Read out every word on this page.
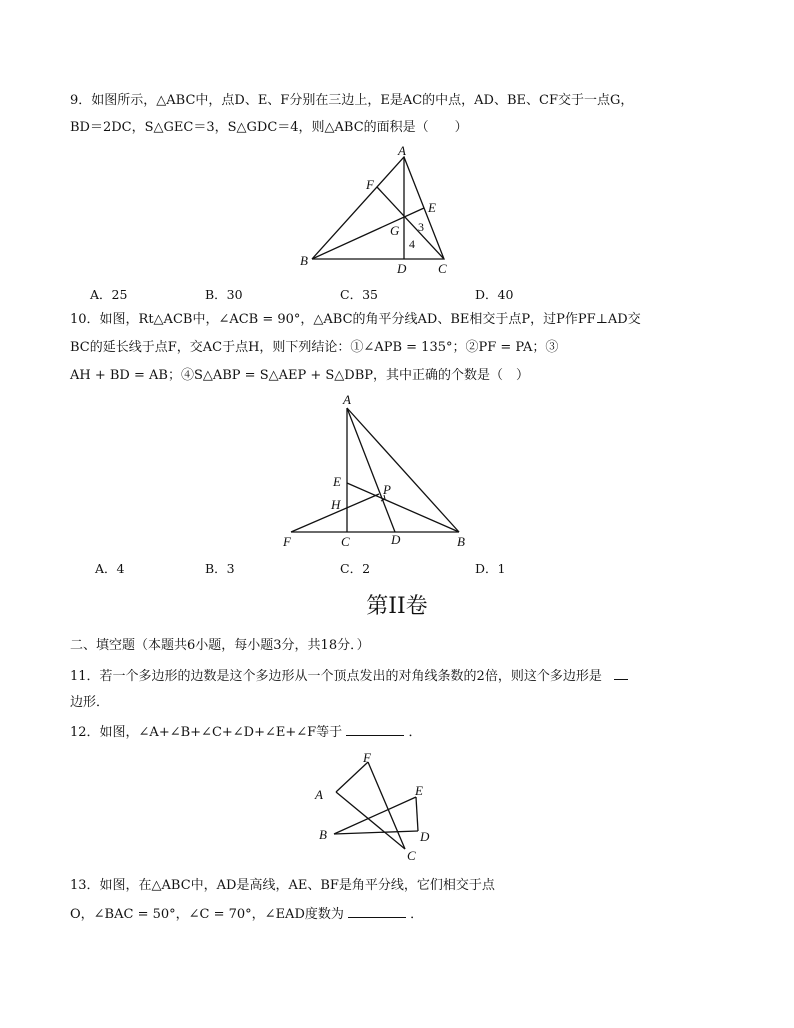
9．如图所示，△ABC中，点D、E、F分别在三边上，E是AC的中点，AD、BE、CF交于一点G，
BD＝2DC，S△GEC＝3，S△GDC＝4，则△ABC的面积是（　　）
A
F
E
G 3
4
B
D C
A．25	B．30	C．35	D．40
10．如图，Rt△ACB中，∠ACB = 90°，△ABC的角平分线AD、BE相交于点P，过P作PF⊥AD交
BC的延长线于点F，交AC于点H，则下列结论：①∠APB = 135°；②PF = PA；③
AH + BD = AB；④S△ABP = S△AEP + S△DBP，其中正确的个数是（　）
A
E
H
P
F	C	D	B
A．4	B．3	C．2	D．1
第II卷
二、填空题（本题共6小题，每小题3分，共18分．）
11．若一个多边形的边数是这个多边形从一个顶点发出的对角线条数的2倍，则这个多边形是
边形．
12．如图，∠A+∠B+∠C+∠D+∠E+∠F等于	．
F
A	E
B	D
C
13．如图，在△ABC中，AD是高线，AE、BF是角平分线，它们相交于点
O，∠BAC = 50°，∠C = 70°，∠EAD度数为	．
